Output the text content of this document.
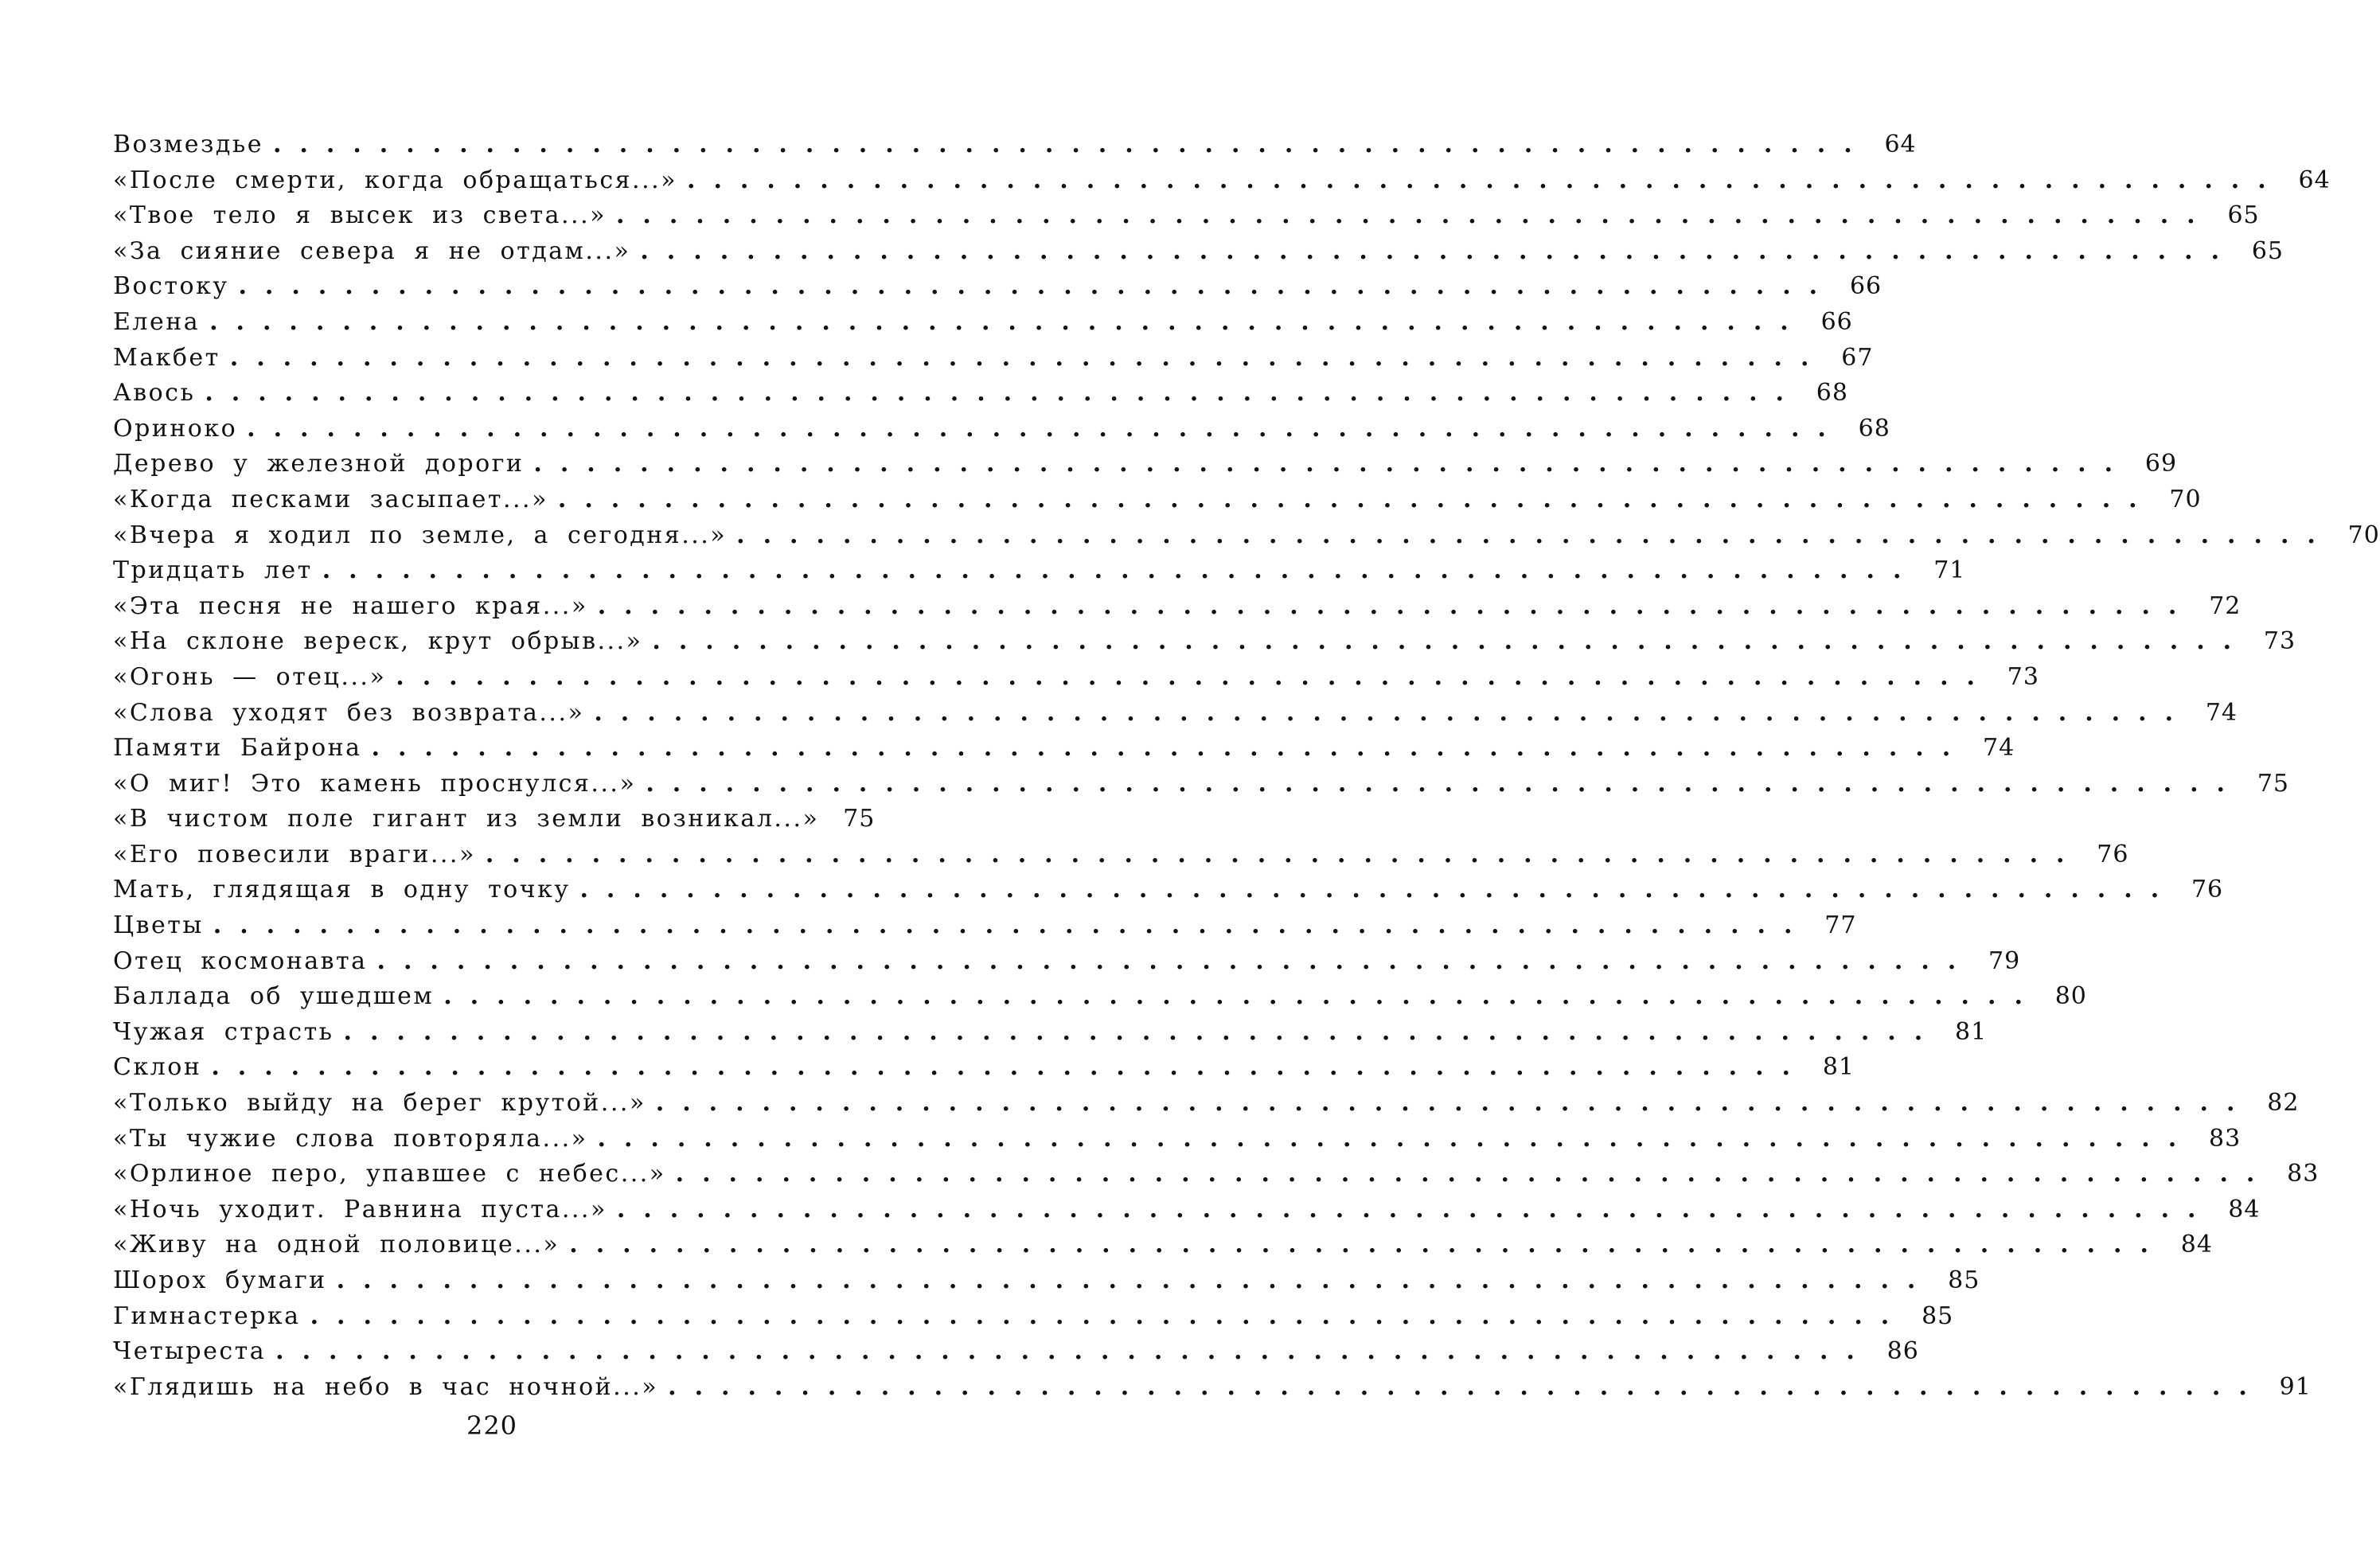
Возмездье ............................................................ 64
«После смерти, когда обращаться...» ............................................................ 64
«Твое тело я высек из света...» ............................................................ 65
«За сияние севера я не отдам...» ............................................................ 65
Востоку ............................................................ 66
Елена ............................................................ 66
Макбет ............................................................ 67
Авось ............................................................ 68
Ориноко ............................................................ 68
Дерево у железной дороги ............................................................ 69
«Когда песками засыпает...» ............................................................ 70
«Вчера я ходил по земле, а сегодня...» ............................................................ 70
Тридцать лет ............................................................ 71
«Эта песня не нашего края...» ............................................................ 72
«На склоне вереск, крут обрыв...» ............................................................ 73
«Огонь — отец...» ............................................................ 73
«Слова уходят без возврата...» ............................................................ 74
Памяти Байрона ............................................................ 74
«О миг! Это камень проснулся...» ............................................................ 75
«В чистом поле гигант из земли возникал...» 75
«Его повесили враги...» ............................................................ 76
Мать, глядящая в одну точку ............................................................ 76
Цветы ............................................................ 77
Отец космонавта ............................................................ 79
Баллада об ушедшем ............................................................ 80
Чужая страсть ............................................................ 81
Склон ............................................................ 81
«Только выйду на берег крутой...» ............................................................ 82
«Ты чужие слова повторяла...» ............................................................ 83
«Орлиное перо, упавшее с небес...» ............................................................ 83
«Ночь уходит. Равнина пуста...» ............................................................ 84
«Живу на одной половице...» ............................................................ 84
Шорох бумаги ............................................................ 85
Гимнастерка ............................................................ 85
Четыреста ............................................................ 86
«Глядишь на небо в час ночной...» ............................................................ 91
220
